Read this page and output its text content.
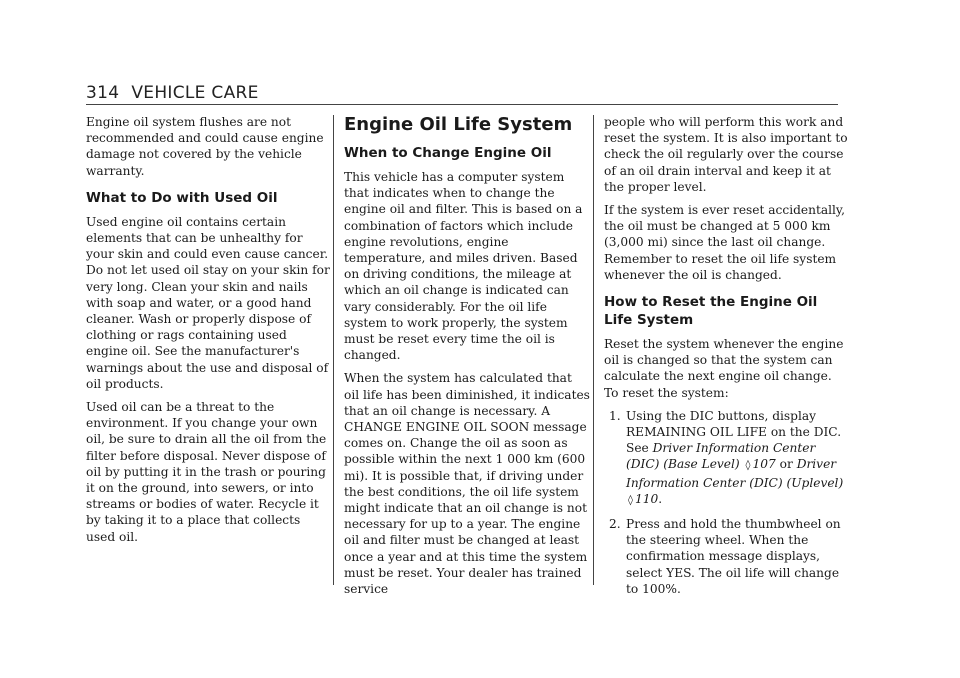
314 VEHICLE CARE

Engine oil system flushes are not recommended and could cause engine damage not covered by the vehicle warranty.

What to Do with Used Oil

Used engine oil contains certain elements that can be unhealthy for your skin and could even cause cancer. Do not let used oil stay on your skin for very long. Clean your skin and nails with soap and water, or a good hand cleaner. Wash or properly dispose of clothing or rags containing used engine oil. See the manufacturer's warnings about the use and disposal of oil products.

Used oil can be a threat to the environment. If you change your own oil, be sure to drain all the oil from the filter before disposal. Never dispose of oil by putting it in the trash or pouring it on the ground, into sewers, or into streams or bodies of water. Recycle it by taking it to a place that collects used oil.

Engine Oil Life System
When to Change Engine Oil

This vehicle has a computer system that indicates when to change the engine oil and filter. This is based on a combination of factors which include engine revolutions, engine temperature, and miles driven. Based on driving conditions, the mileage at which an oil change is indicated can vary considerably. For the oil life system to work properly, the system must be reset every time the oil is changed.

When the system has calculated that oil life has been diminished, it indicates that an oil change is necessary. A CHANGE ENGINE OIL SOON message comes on. Change the oil as soon as possible within the next 1 000 km (600 mi). It is possible that, if driving under the best conditions, the oil life system might indicate that an oil change is not necessary for up to a year. The engine oil and filter must be changed at least once a year and at this time the system must be reset. Your dealer has trained service

people who will perform this work and reset the system. It is also important to check the oil regularly over the course of an oil drain interval and keep it at the proper level.

If the system is ever reset accidentally, the oil must be changed at 5 000 km (3,000 mi) since the last oil change. Remember to reset the oil life system whenever the oil is changed.

How to Reset the Engine Oil Life System

Reset the system whenever the engine oil is changed so that the system can calculate the next engine oil change. To reset the system:

1. Using the DIC buttons, display REMAINING OIL LIFE on the DIC. See Driver Information Center (DIC) (Base Level) ◊ 107 or Driver Information Center (DIC) (Uplevel) ◊ 110.
2. Press and hold the thumbwheel on the steering wheel. When the confirmation message displays, select YES. The oil life will change to 100%.
